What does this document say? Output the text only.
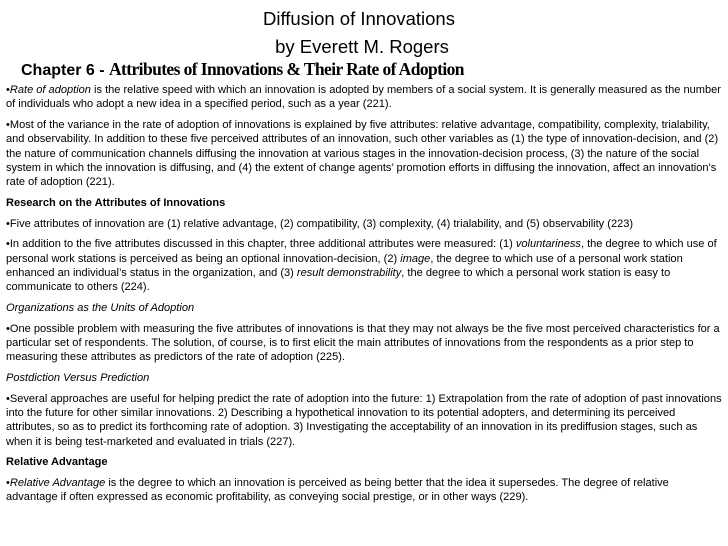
Diffusion of Innovations
by Everett M. Rogers
Chapter 6 - Attributes of Innovations & Their Rate of Adoption

•Rate of adoption is the relative speed with which an innovation is adopted by members of a social system. It is generally measured as the number of individuals who adopt a new idea in a specified period, such as a year (221).

•Most of the variance in the rate of adoption of innovations is explained by five attributes: relative advantage, compatibility, complexity, trialability, and observability. In addition to these five perceived attributes of an innovation, such other variables as (1) the type of innovation-decision, and (2) the nature of communication channels diffusing the innovation at various stages in the innovation-decision process, (3) the nature of the social system in which the innovation is diffusing, and (4) the extent of change agents’ promotion efforts in diffusing the innovation, affect an innovation’s rate of adoption (221).

Research on the Attributes of Innovations

•Five attributes of innovation are (1) relative advantage, (2) compatibility, (3) complexity, (4) trialability, and (5) observability (223)

•In addition to the five attributes discussed in this chapter, three additional attributes were measured: (1) voluntariness, the degree to which use of personal work stations is perceived as being an optional innovation-decision, (2) image, the degree to which use of a personal work station enhanced an individual’s status in the organization, and (3) result demonstrability, the degree to which a personal work station is easy to communicate to others (224).

Organizations as the Units of Adoption

•One possible problem with measuring the five attributes of innovations is that they may not always be the five most perceived characteristics for a particular set of respondents. The solution, of course, is to first elicit the main attributes of innovations from the respondents as a prior step to measuring these attributes as predictors of the rate of adoption (225).

Postdiction Versus Prediction

•Several approaches are useful for helping predict the rate of adoption into the future: 1) Extrapolation from the rate of adoption of past innovations into the future for other similar innovations. 2) Describing a hypothetical innovation to its potential adopters, and determining its perceived attributes, so as to predict its forthcoming rate of adoption. 3) Investigating the acceptability of an innovation in its prediffusion stages, such as when it is being test-marketed and evaluated in trials (227).

Relative Advantage

•Relative Advantage is the degree to which an innovation is perceived as being better that the idea it supersedes. The degree of relative advantage if often expressed as economic profitability, as conveying social prestige, or in other ways (229).
